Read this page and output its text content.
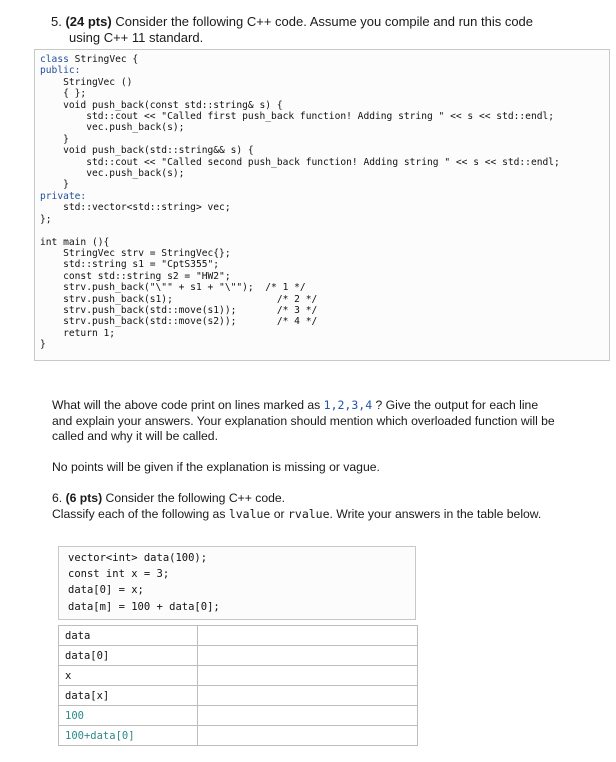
5. (24 pts) Consider the following C++ code. Assume you compile and run this code
using C++ 11 standard.
class StringVec {
public:
StringVec ()
{ };
void push_back(const std::string& s) {
std::cout << "Called first push_back function! Adding string " << s << std::endl;
vec.push_back(s);
}
void push_back(std::string&& s) {
std::cout << "Called second push_back function! Adding string " << s << std::endl;
vec.push_back(s);
}
private:
std::vector<std::string> vec;
};

int main (){
StringVec strv = StringVec{};
std::string s1 = "CptS355";
const std::string s2 = "HW2";
strv.push_back("\"" + s1 + "\"");  /* 1 */
strv.push_back(s1);                  /* 2 */
strv.push_back(std::move(s1));       /* 3 */
strv.push_back(std::move(s2));       /* 4 */
return 1;
}
What will the above code print on lines marked as 1,2,3,4 ? Give the output for each line and explain your answers. Your explanation should mention which overloaded function will be called and why it will be called.
No points will be given if the explanation is missing or vague.
6. (6 pts) Consider the following C++ code.
Classify each of the following as lvalue or rvalue. Write your answers in the table below.
vector<int> data(100);
const int x = 3;
data[0] = x;
data[m] = 100 + data[0];
data	
data[0]	
x	
data[x]	
100	
100+data[0]	
